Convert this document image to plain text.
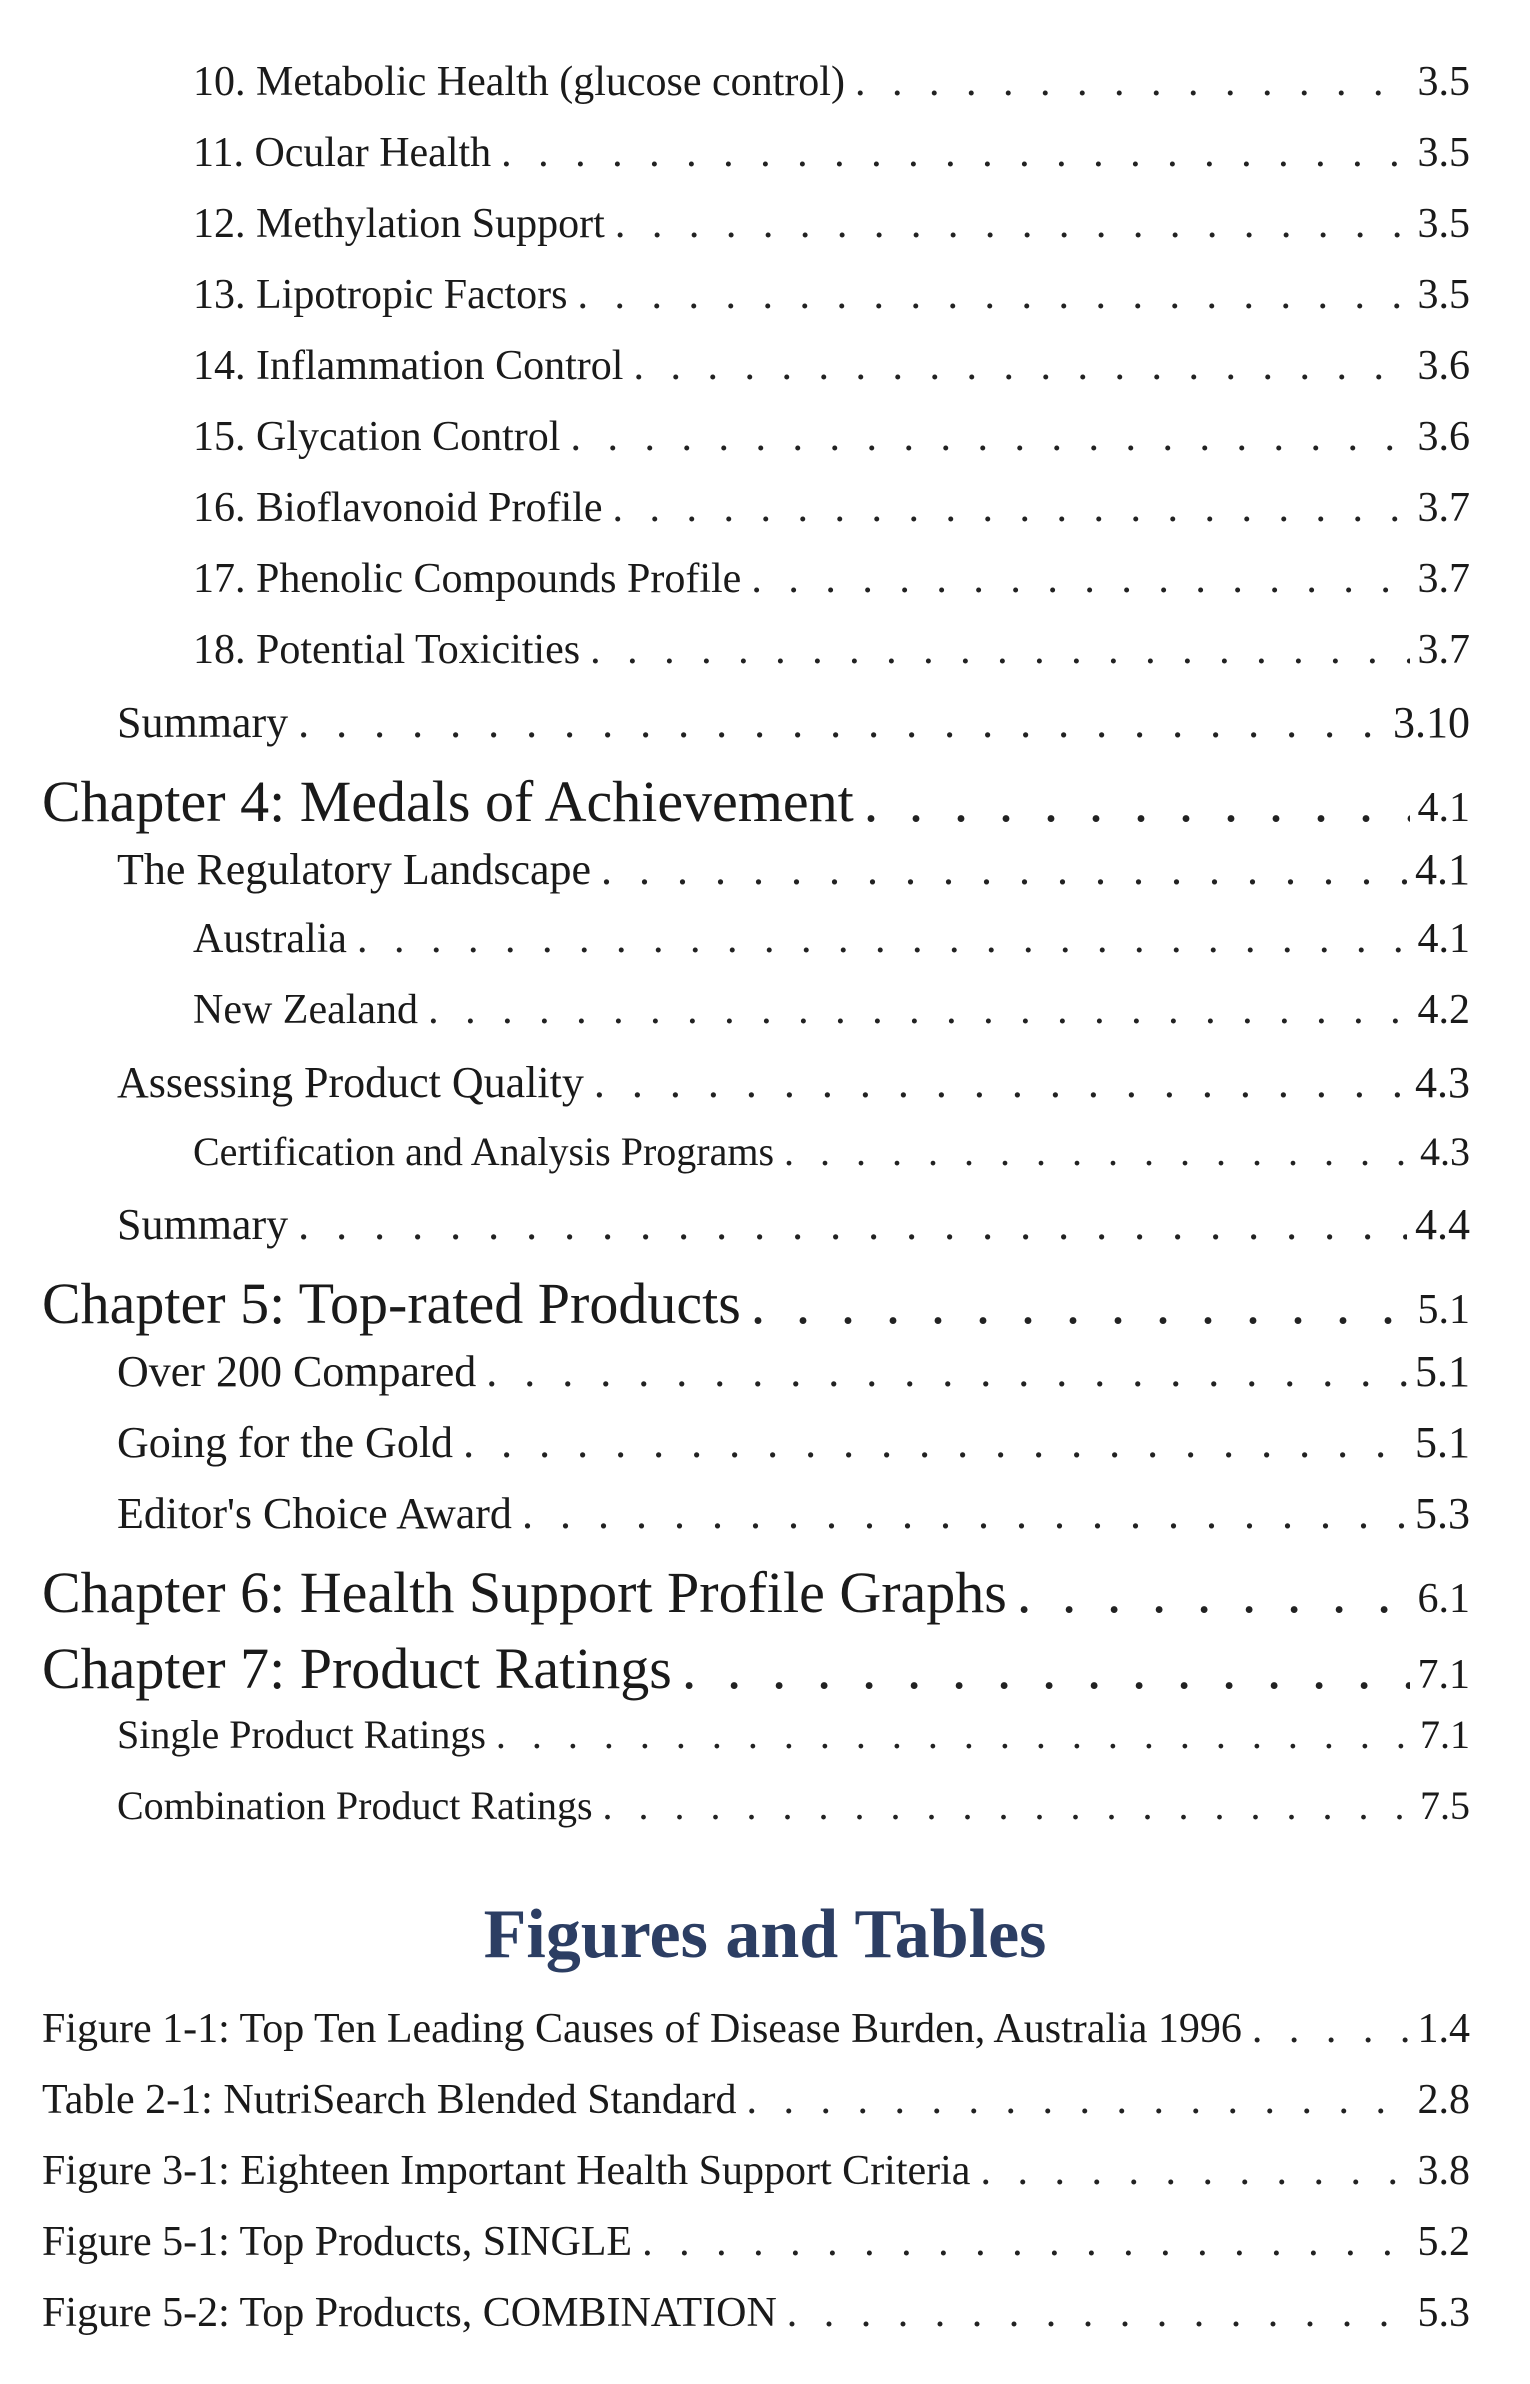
10. Metabolic Health (glucose control) . . .	3.5
11. Ocular Health . . .	3.5
12. Methylation Support . . .	3.5
13. Lipotropic Factors . . .	3.5
14. Inflammation Control . . .	3.6
15. Glycation Control . . .	3.6
16. Bioflavonoid Profile . . .	3.7
17. Phenolic Compounds Profile . . .	3.7
18. Potential Toxicities . . .	3.7
Summary . . .	3.10
Chapter 4: Medals of Achievement . . .	4.1
The Regulatory Landscape . . .	4.1
Australia . . .	4.1
New Zealand . . .	4.2
Assessing Product Quality . . .	4.3
Certification and Analysis Programs . . .	4.3
Summary . . .	4.4
Chapter 5: Top-rated Products . . .	5.1
Over 200 Compared . . .	5.1
Going for the Gold . . .	5.1
Editor's Choice Award . . .	5.3
Chapter 6: Health Support Profile Graphs . . .	6.1
Chapter 7: Product Ratings . . .	7.1
Single Product Ratings . . .	7.1
Combination Product Ratings . . .	7.5
Figures and Tables
Figure 1-1: Top Ten Leading Causes of Disease Burden, Australia 1996 . . .	1.4
Table 2-1: NutriSearch Blended Standard . . .	2.8
Figure 3-1: Eighteen Important Health Support Criteria . . .	3.8
Figure 5-1: Top Products, SINGLE . . .	5.2
Figure 5-2: Top Products, COMBINATION . . .	5.3
